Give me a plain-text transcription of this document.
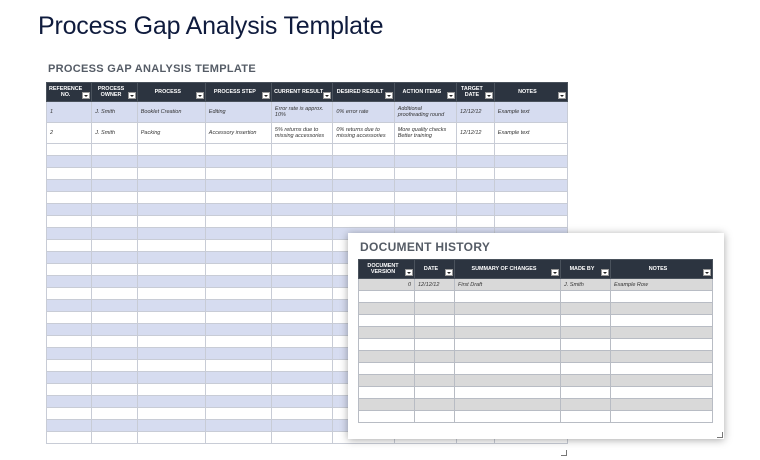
Process Gap Analysis Template
PROCESS GAP ANALYSIS TEMPLATE
REFERENCE NO.	PROCESS OWNER	PROCESS	PROCESS STEP	CURRENT RESULT	DESIRED RESULT	ACTION ITEMS	TARGET DATE	NOTES

1	J. Smith	Booklet Creation	Editing	Error rate is approx. 10%	0% error rate	Additional proofreading round	12/12/12	Example text
2	J. Smith	Packing	Accessory insertion	5% returns due to missing accessories	0% returns due to missing accessories	More quality checks Better training	12/12/12	Example text

DOCUMENT HISTORY
DOCUMENT VERSION	DATE	SUMMARY OF CHANGES	MADE BY	NOTES

0	12/12/12	First Draft	J. Smith	Example Row
